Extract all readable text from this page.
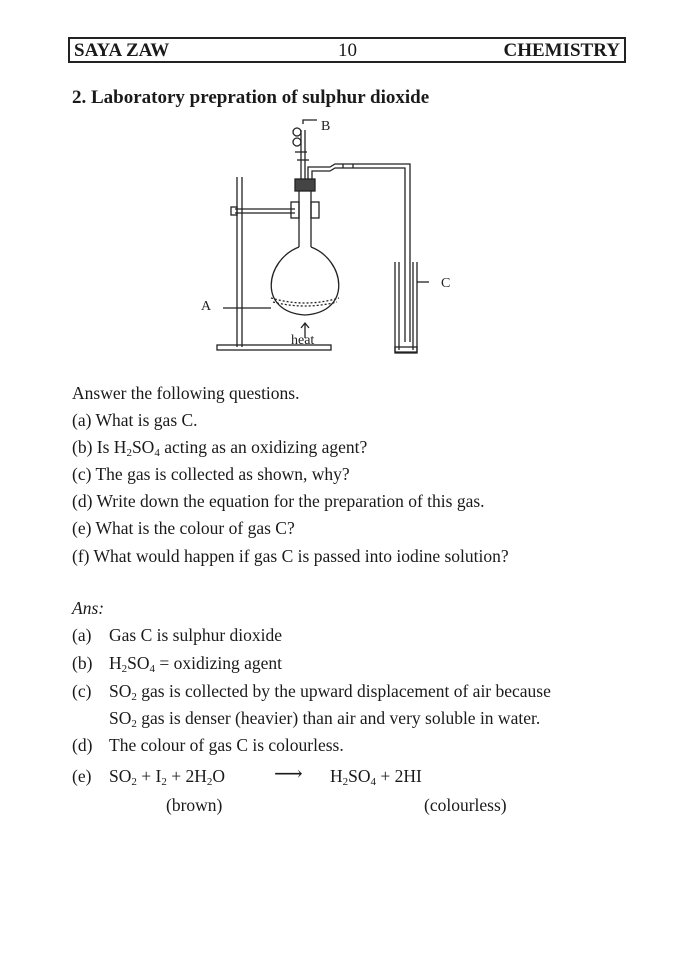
SAYA ZAW	10	CHEMISTRY
2. Laboratory prepration of sulphur dioxide
B
C
A
heat
Answer the following questions.
(a) What is gas C.
(b) Is $H_2SO_4$ acting as an oxidizing agent?
(c) The gas is collected as shown, why?
(d) Write down the equation for the preparation of this gas.
(e) What is the colour of gas C?
(f) What would happen if gas C is passed into iodine solution?
Ans:
(a) Gas C is sulphur dioxide
(b) $H_2SO_4$ = oxidizing agent
(c) $SO_2$ gas is collected by the upward displacement of air because
$SO_2$ gas is denser (heavier) than air and very soluble in water.
(d) The colour of gas C is colourless.
(e) $SO_2 + I_2 + 2H_2O$ ⟶ $H_2SO_4 + 2HI$
(brown)	(colourless)
